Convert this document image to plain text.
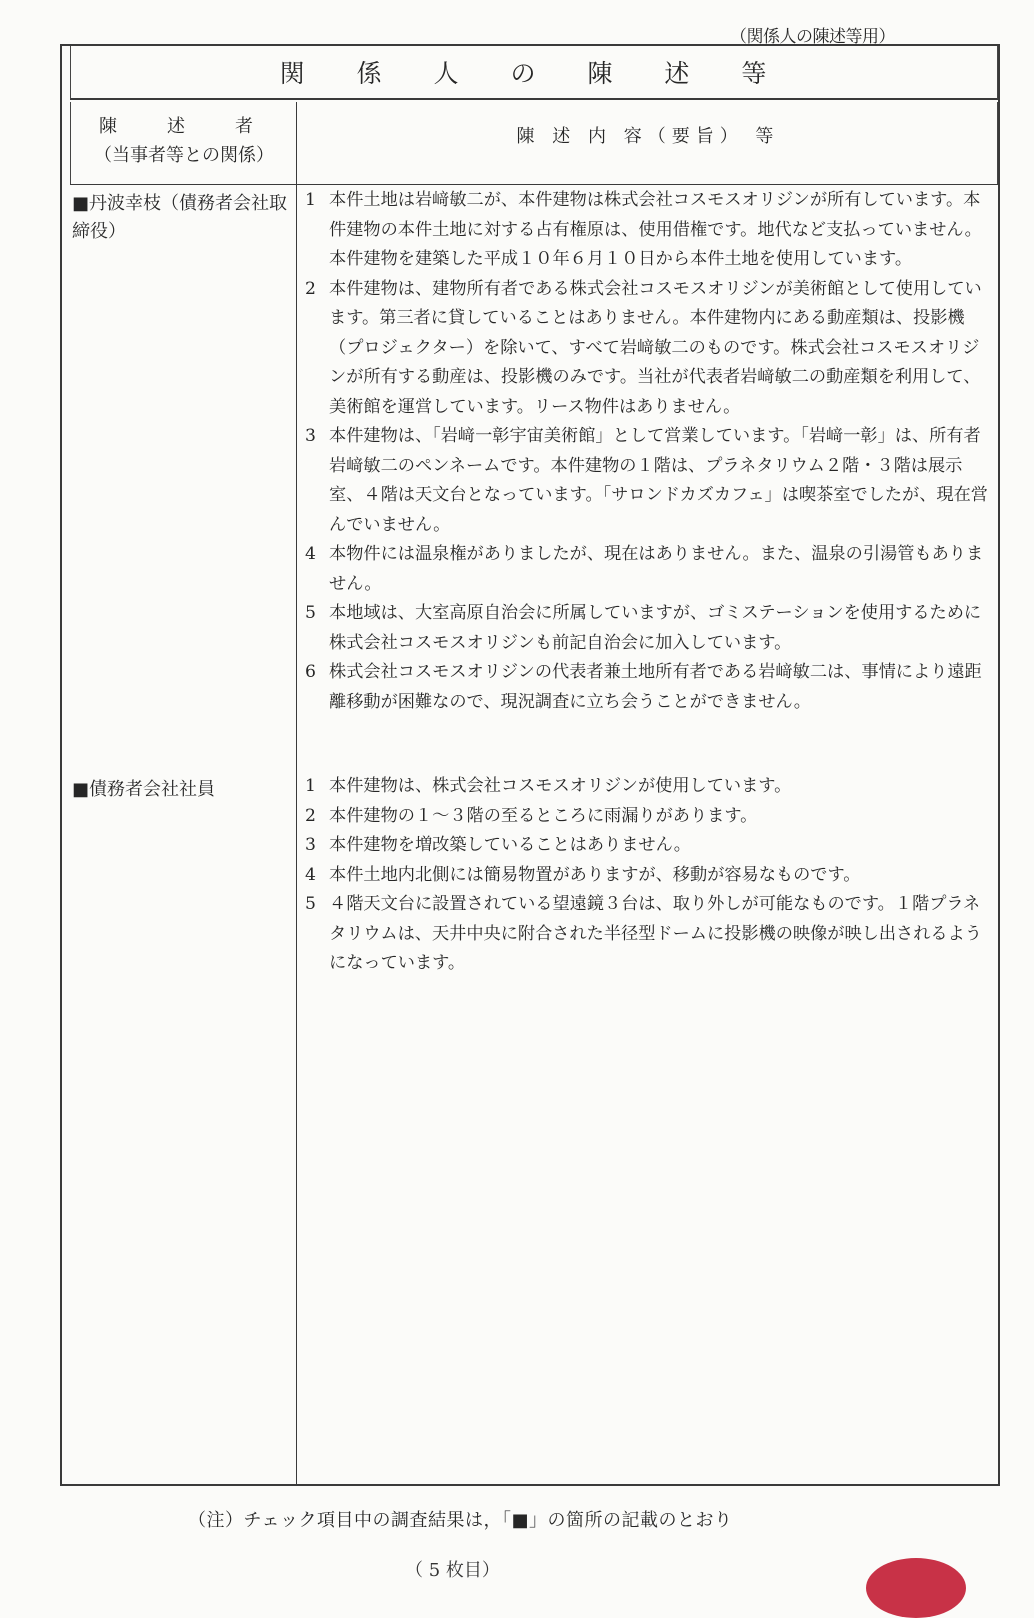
（関係人の陳述等用）
関 係 人 の 陳 述 等
陳　述　者
（当事者等との関係）
陳 述 内 容（要旨） 等
■丹波幸枝（債務者会社取締役）
1 本件土地は岩﨑敏二が、本件建物は株式会社コスモスオリジンが所有しています。本件建物の本件土地に対する占有権原は、使用借権です。地代など支払っていません。本件建物を建築した平成１０年６月１０日から本件土地を使用しています。
2 本件建物は、建物所有者である株式会社コスモスオリジンが美術館として使用しています。第三者に貸していることはありません。本件建物内にある動産類は、投影機（プロジェクター）を除いて、すべて岩﨑敏二のものです。株式会社コスモスオリジンが所有する動産は、投影機のみです。当社が代表者岩﨑敏二の動産類を利用して、美術館を運営しています。リース物件はありません。
3 本件建物は、「岩﨑一彰宇宙美術館」として営業しています。「岩﨑一彰」は、所有者岩﨑敏二のペンネームです。本件建物の１階は、プラネタリウム２階・３階は展示室、４階は天文台となっています。「サロンドカズカフェ」は喫茶室でしたが、現在営んでいません。
4 本物件には温泉権がありましたが、現在はありません。また、温泉の引湯管もありません。
5 本地域は、大室高原自治会に所属していますが、ゴミステーションを使用するために株式会社コスモスオリジンも前記自治会に加入しています。
6 株式会社コスモスオリジンの代表者兼土地所有者である岩﨑敏二は、事情により遠距離移動が困難なので、現況調査に立ち会うことができません。
■債務者会社社員	1 本件建物は、株式会社コスモスオリジンが使用しています。
2 本件建物の１～３階の至るところに雨漏りがあります。
3 本件建物を増改築していることはありません。
4 本件土地内北側には簡易物置がありますが、移動が容易なものです。
5 ４階天文台に設置されている望遠鏡３台は、取り外しが可能なものです。１階プラネタリウムは、天井中央に附合された半径型ドームに投影機の映像が映し出されるようになっています。
（注）チェック項目中の調査結果は，「■」の箇所の記載のとおり
（ 5 枚目）
